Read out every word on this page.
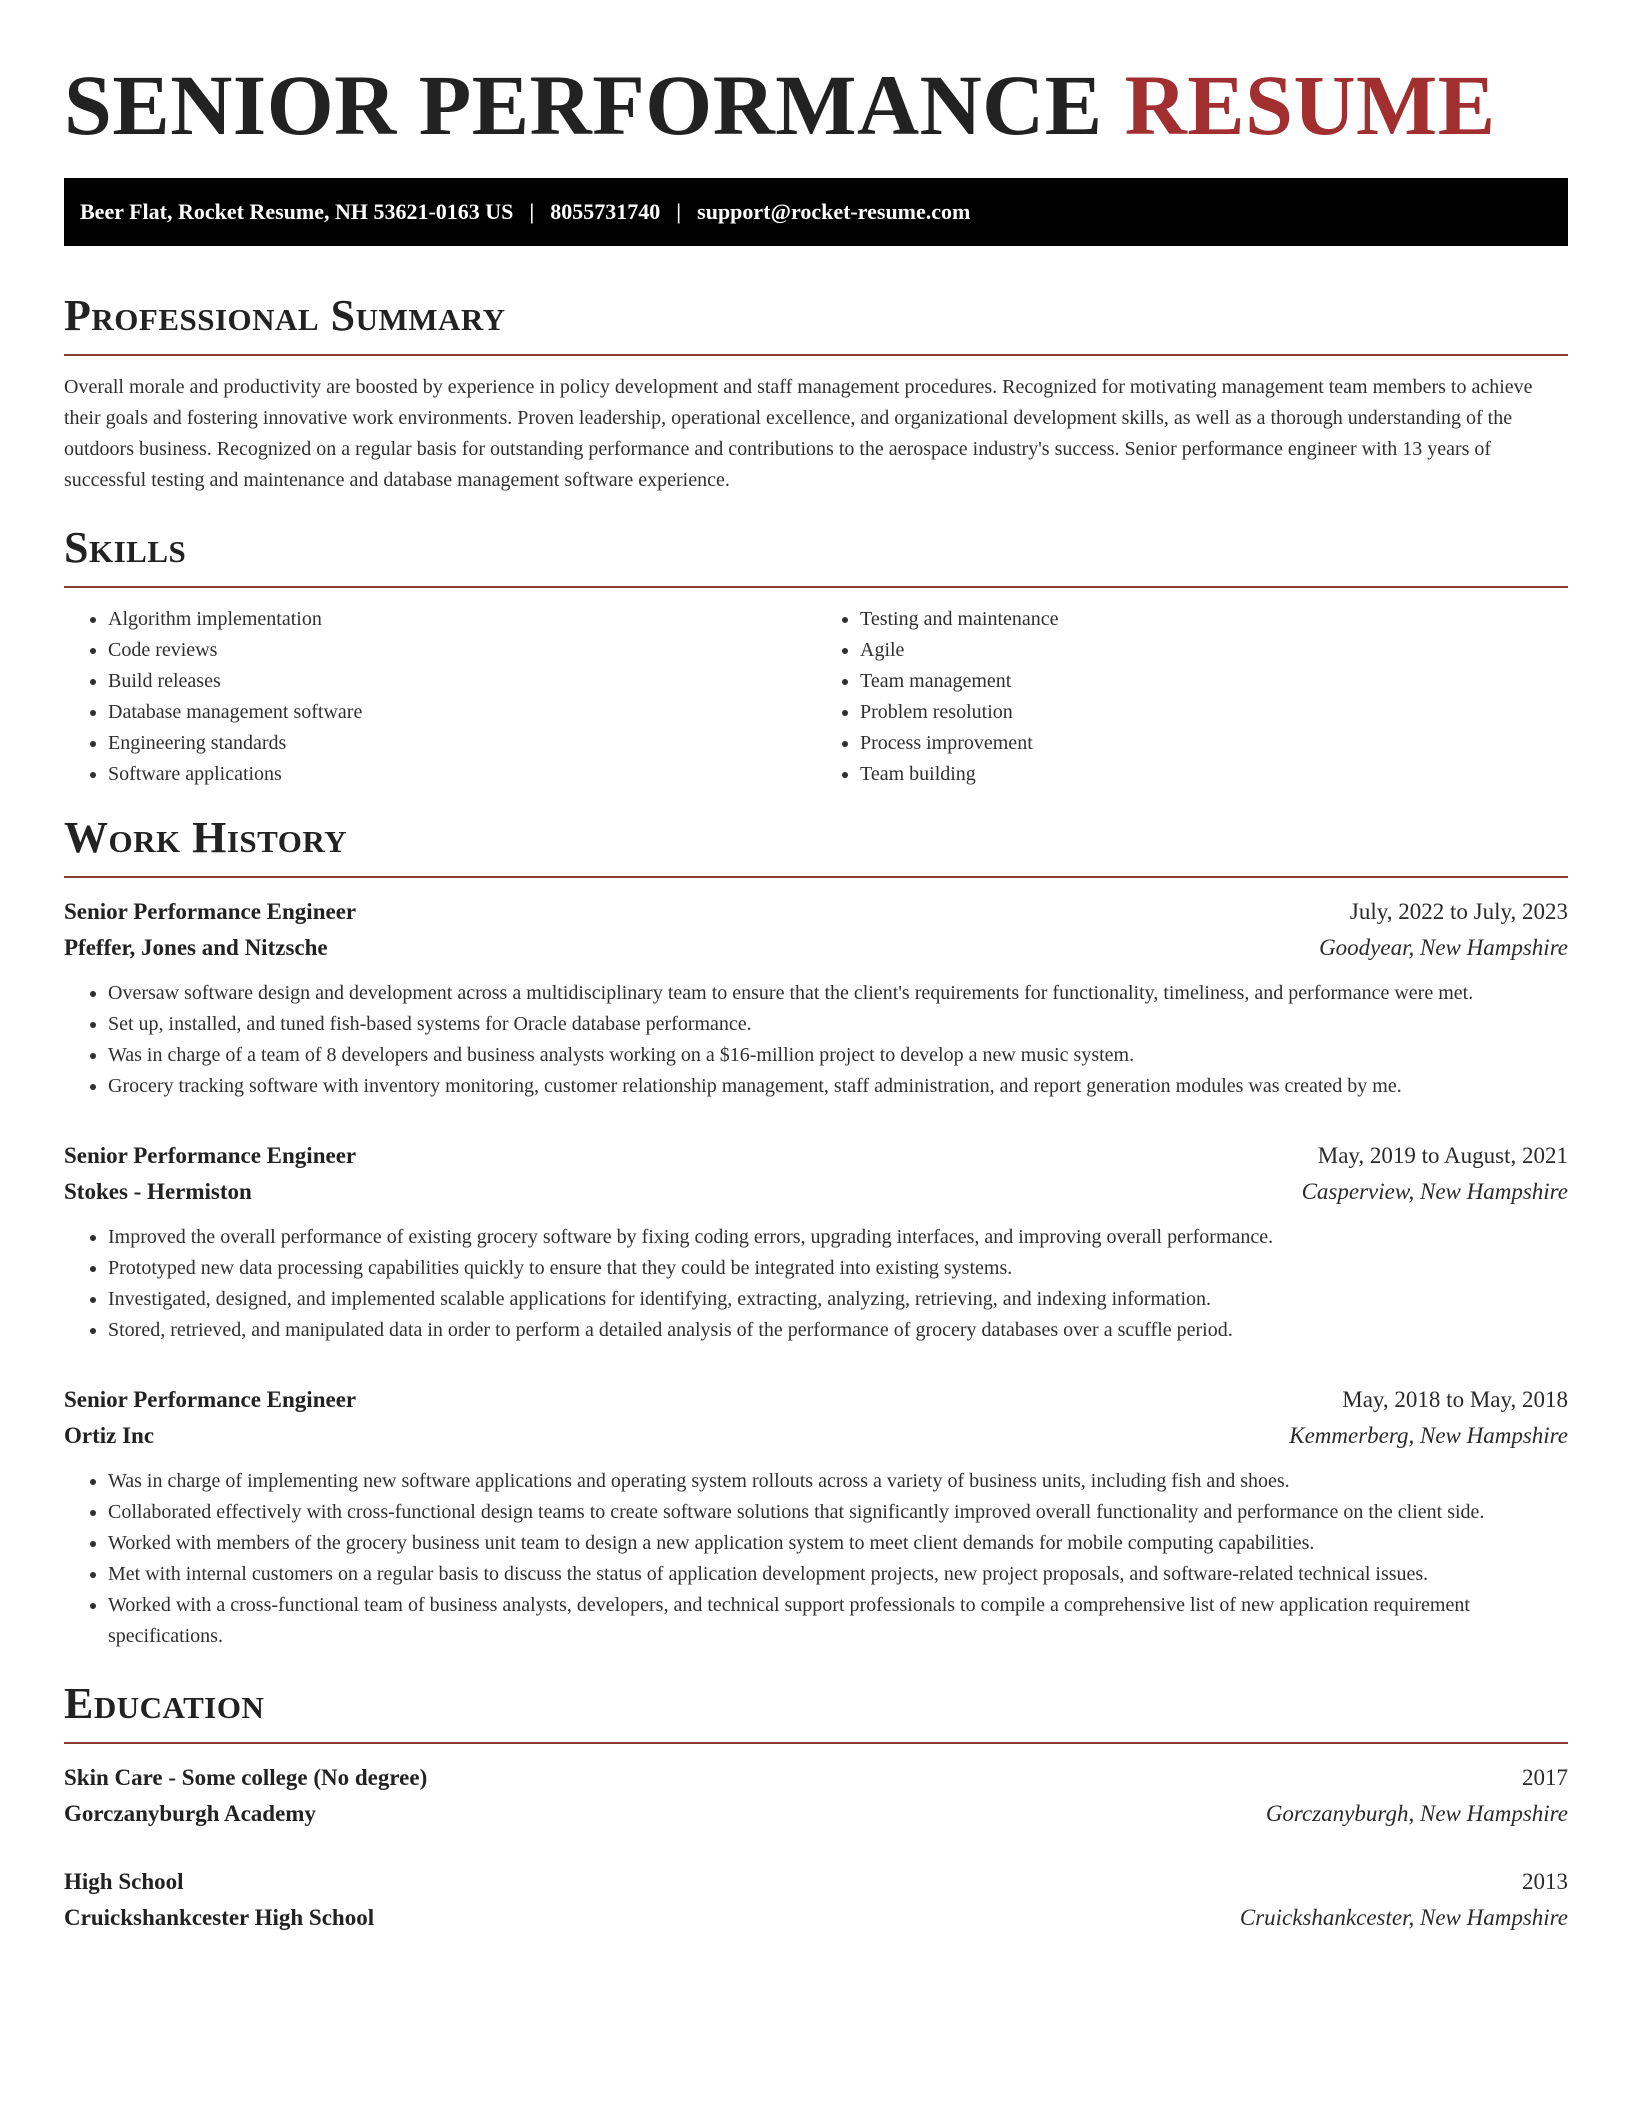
SENIOR PERFORMANCE RESUME
Beer Flat, Rocket Resume, NH 53621-0163 US | 8055731740 | support@rocket-resume.com
Professional Summary

Overall morale and productivity are boosted by experience in policy development and staff management procedures. Recognized for motivating management team members to achieve their goals and fostering innovative work environments. Proven leadership, operational excellence, and organizational development skills, as well as a thorough understanding of the outdoors business. Recognized on a regular basis for outstanding performance and contributions to the aerospace industry's success. Senior performance engineer with 13 years of successful testing and maintenance and database management software experience.

Skills
• Algorithm implementation
• Code reviews
• Build releases
• Database management software
• Engineering standards
• Software applications
• Testing and maintenance
• Agile
• Team management
• Problem resolution
• Process improvement
• Team building
Work History
Senior Performance Engineer	July, 2022 to July, 2023
Pfeffer, Jones and Nitzsche	Goodyear, New Hampshire
• Oversaw software design and development across a multidisciplinary team to ensure that the client's requirements for functionality, timeliness, and performance were met.
• Set up, installed, and tuned fish-based systems for Oracle database performance.
• Was in charge of a team of 8 developers and business analysts working on a $16-million project to develop a new music system.
• Grocery tracking software with inventory monitoring, customer relationship management, staff administration, and report generation modules was created by me.
Senior Performance Engineer	May, 2019 to August, 2021
Stokes - Hermiston	Casperview, New Hampshire
• Improved the overall performance of existing grocery software by fixing coding errors, upgrading interfaces, and improving overall performance.
• Prototyped new data processing capabilities quickly to ensure that they could be integrated into existing systems.
• Investigated, designed, and implemented scalable applications for identifying, extracting, analyzing, retrieving, and indexing information.
• Stored, retrieved, and manipulated data in order to perform a detailed analysis of the performance of grocery databases over a scuffle period.
Senior Performance Engineer	May, 2018 to May, 2018
Ortiz Inc	Kemmerberg, New Hampshire
• Was in charge of implementing new software applications and operating system rollouts across a variety of business units, including fish and shoes.
• Collaborated effectively with cross-functional design teams to create software solutions that significantly improved overall functionality and performance on the client side.
• Worked with members of the grocery business unit team to design a new application system to meet client demands for mobile computing capabilities.
• Met with internal customers on a regular basis to discuss the status of application development projects, new project proposals, and software-related technical issues.
• Worked with a cross-functional team of business analysts, developers, and technical support professionals to compile a comprehensive list of new application requirement specifications.
Education
Skin Care - Some college (No degree)	2017
Gorczanyburgh Academy	Gorczanyburgh, New Hampshire
High School	2013
Cruickshankcester High School	Cruickshankcester, New Hampshire
